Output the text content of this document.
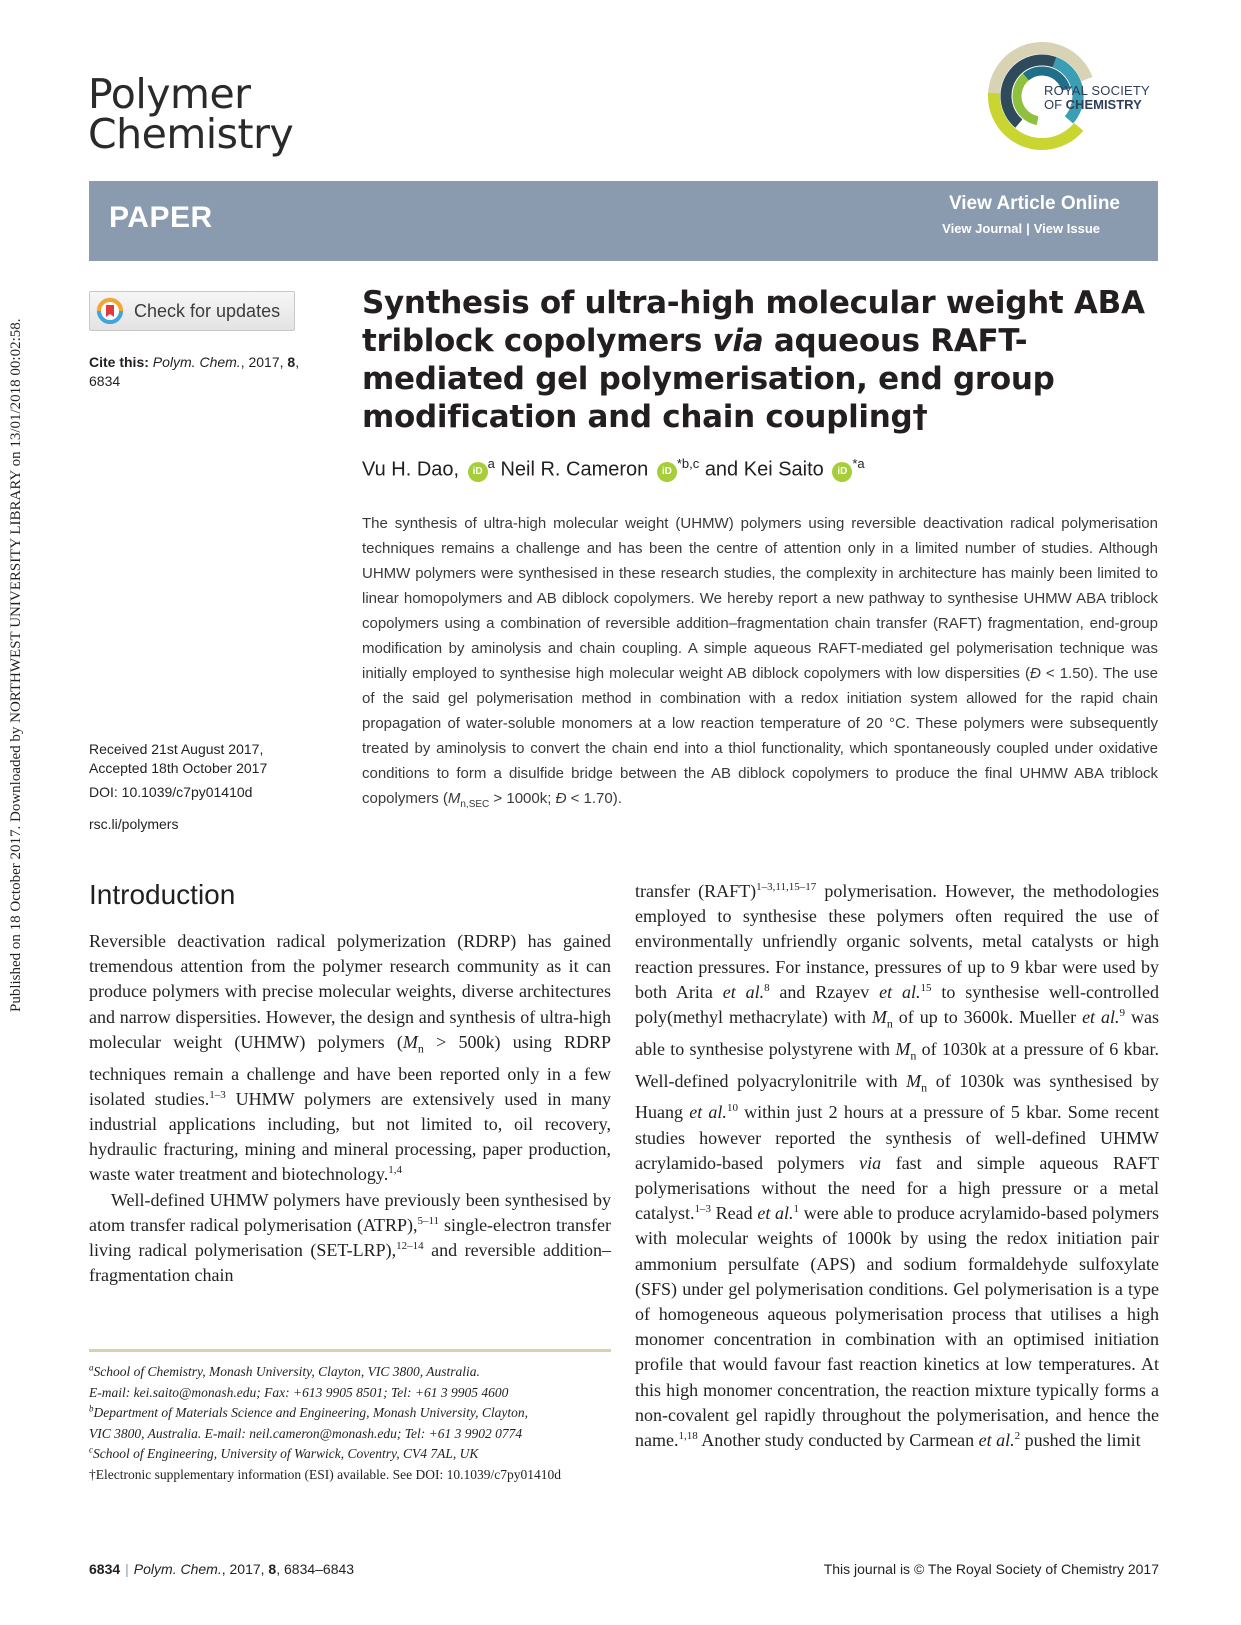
Published on 18 October 2017. Downloaded by NORTHWEST UNIVERSITY LIBRARY on 13/01/2018 00:02:58.
Polymer
Chemistry
ROYAL SOCIETY
OF CHEMISTRY
PAPER	View Article Online
View Journal | View Issue
Check for updates
Cite this: Polym. Chem., 2017, 8, 6834
Received 21st August 2017,
Accepted 18th October 2017
DOI: 10.1039/c7py01410d
rsc.li/polymers
Synthesis of ultra-high molecular weight ABA triblock copolymers via aqueous RAFT-mediated gel polymerisation, end group modification and chain coupling†
Vu H. Dao, $iD^a$ Neil R. Cameron iD$^{*b,c}$ and Kei Saito $iD^{*a}$
The synthesis of ultra-high molecular weight (UHMW) polymers using reversible deactivation radical polymerisation techniques remains a challenge and has been the centre of attention only in a limited number of studies. Although UHMW polymers were synthesised in these research studies, the complexity in architecture has mainly been limited to linear homopolymers and AB diblock copolymers. We hereby report a new pathway to synthesise UHMW ABA triblock copolymers using a combination of reversible addition–fragmentation chain transfer (RAFT) fragmentation, end-group modification by aminolysis and chain coupling. A simple aqueous RAFT-mediated gel polymerisation technique was initially employed to synthesise high molecular weight AB diblock copolymers with low dispersities (Đ < 1.50). The use of the said gel polymerisation method in combination with a redox initiation system allowed for the rapid chain propagation of water-soluble monomers at a low reaction temperature of 20 °C. These polymers were subsequently treated by aminolysis to convert the chain end into a thiol functionality, which spontaneously coupled under oxidative conditions to form a disulfide bridge between the AB diblock copolymers to produce the final UHMW ABA triblock copolymers ($M_{n,SEC} > 1000k$; Đ < 1.70).
Introduction

Reversible deactivation radical polymerization (RDRP) has gained tremendous attention from the polymer research community as it can produce polymers with precise molecular weights, diverse architectures and narrow dispersities. However, the design and synthesis of ultra-high molecular weight (UHMW) polymers $(M_n > 500k)$ using RDRP techniques remain a challenge and have been reported only in a few isolated studies.$^{1-3}$ UHMW polymers are extensively used in many industrial applications including, but not limited to, oil recovery, hydraulic fracturing, mining and mineral processing, paper production, waste water treatment and biotechnology.$^{1,4}$

Well-defined UHMW polymers have previously been synthesised by atom transfer radical polymerisation (ATRP),$^{5-11}$ single-electron transfer living radical polymerisation (SET-LRP),$^{12-14}$ and reversible addition–fragmentation chain

transfer (RAFT)$^{1-3,11,15-17}$ polymerisation. However, the methodologies employed to synthesise these polymers often required the use of environmentally unfriendly organic solvents, metal catalysts or high reaction pressures. For instance, pressures of up to 9 kbar were used by both Arita et al.$^8$ and Rzayev et al.$^{15}$ to synthesise well-controlled poly(methyl methacrylate) with $M_n$ of up to 3600k. Mueller et al.$^9$ was able to synthesise polystyrene with $M_n$ of 1030k at a pressure of 6 kbar. Well-defined polyacrylonitrile with $M_n$ of 1030k was synthesised by Huang et al.$^{10}$ within just 2 hours at a pressure of 5 kbar. Some recent studies however reported the synthesis of well-defined UHMW acrylamido-based polymers via fast and simple aqueous RAFT polymerisations without the need for a high pressure or a metal catalyst.$^{1-3}$ Read et al.$^1$ were able to produce acrylamido-based polymers with molecular weights of 1000k by using the redox initiation pair ammonium persulfate (APS) and sodium formaldehyde sulfoxylate (SFS) under gel polymerisation conditions. Gel polymerisation is a type of homogeneous aqueous polymerisation process that utilises a high monomer concentration in combination with an optimised initiation profile that would favour fast reaction kinetics at low temperatures. At this high monomer concentration, the reaction mixture typically forms a non-covalent gel rapidly throughout the polymerisation, and hence the name.$^{1,18}$ Another study conducted by Carmean et al.$^2$ pushed the limit

$^a$School of Chemistry, Monash University, Clayton, VIC 3800, Australia.
E-mail: kei.saito@monash.edu; Fax: +613 9905 8501; Tel: +61 3 9905 4600
$^b$Department of Materials Science and Engineering, Monash University, Clayton,
VIC 3800, Australia. E-mail: neil.cameron@monash.edu; Tel: +61 3 9902 0774
$^c$School of Engineering, University of Warwick, Coventry, CV4 7AL, UK
†Electronic supplementary information (ESI) available. See DOI: 10.1039/c7py01410d
6834 | Polym. Chem., 2017, 8, 6834–6843	This journal is © The Royal Society of Chemistry 2017
